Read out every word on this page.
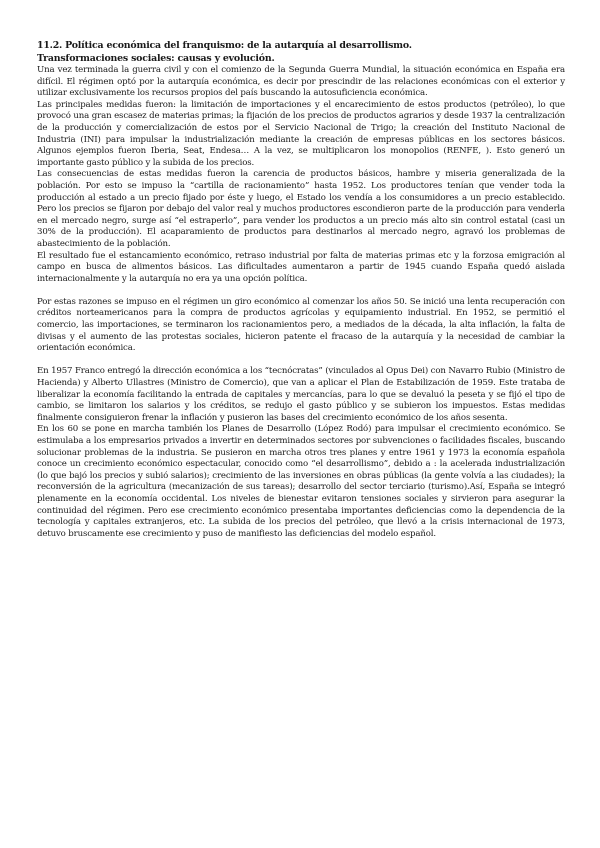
11.2. Política económica del franquismo: de la autarquía al desarrollismo.

Transformaciones sociales: causas y evolución.

Una vez terminada la guerra civil y con el comienzo de la Segunda Guerra Mundial, la situación económica en España era difícil. El régimen optó por la autarquía económica, es decir por prescindir de las relaciones económicas con el exterior y utilizar exclusivamente los recursos propios del país buscando la autosuficiencia económica.

Las principales medidas fueron: la limitación de importaciones y el encarecimiento de estos productos (petróleo), lo que provocó una gran escasez de materias primas; la fijación de los precios de productos agrarios y desde 1937 la centralización de la producción y comercialización de estos por el Servicio Nacional de Trigo; la creación del Instituto Nacional de Industria (INI) para impulsar la industrialización mediante la creación de empresas públicas en los sectores básicos. Algunos ejemplos fueron Iberia, Seat, Endesa… A la vez, se multiplicaron los monopolios (RENFE, ). Esto generó un importante gasto público y la subida de los precios.

Las consecuencias de estas medidas fueron la carencia de productos básicos, hambre y miseria generalizada de la población. Por esto se impuso la “cartilla de racionamiento” hasta 1952. Los productores tenían que vender toda la producción al estado a un precio fijado por éste y luego, el Estado los vendía a los consumidores a un precio establecido. Pero los precios se fijaron por debajo del valor real y muchos productores escondieron parte de la producción para venderla en el mercado negro, surge así “el estraperlo”, para vender los productos a un precio más alto sin control estatal (casi un 30% de la producción). El acaparamiento de productos para destinarlos al mercado negro, agravó los problemas de abastecimiento de la población.

El resultado fue el estancamiento económico, retraso industrial por falta de materias primas etc y la forzosa emigración al campo en busca de alimentos básicos. Las dificultades aumentaron a partir de 1945 cuando España quedó aislada internacionalmente y la autarquía no era ya una opción política.

Por estas razones se impuso en el régimen un giro económico al comenzar los años 50. Se inició una lenta recuperación con créditos norteamericanos para la compra de productos agrícolas y equipamiento industrial. En 1952, se permitió el comercio, las importaciones, se terminaron los racionamientos pero, a mediados de la década, la alta inflación, la falta de divisas y el aumento de las protestas sociales, hicieron patente el fracaso de la autarquía y la necesidad de cambiar la orientación económica.

En 1957 Franco entregó la dirección económica a los “tecnócratas” (vinculados al Opus Dei) con Navarro Rubio (Ministro de Hacienda) y Alberto Ullastres (Ministro de Comercio), que van a aplicar el Plan de Estabilización de 1959. Este trataba de liberalizar la economía facilitando la entrada de capitales y mercancías, para lo que se devaluó la peseta y se fijó el tipo de cambio, se limitaron los salarios y los créditos, se redujo el gasto público y se subieron los impuestos. Estas medidas finalmente consiguieron frenar la inflación y pusieron las bases del crecimiento económico de los años sesenta.

En los 60 se pone en marcha también los Planes de Desarrollo (López Rodó) para impulsar el crecimiento económico. Se estimulaba a los empresarios privados a invertir en determinados sectores por subvenciones o facilidades fiscales, buscando solucionar problemas de la industria. Se pusieron en marcha otros tres planes y entre 1961 y 1973 la economía española conoce un crecimiento económico espectacular, conocido como “el desarrollismo”, debido a : la acelerada industrialización (lo que bajó los precios y subió salarios); crecimiento de las inversiones en obras públicas (la gente volvía a las ciudades); la reconversión de la agricultura (mecanización de sus tareas); desarrollo del sector terciario (turismo).Así, España se integró plenamente en la economía occidental. Los niveles de bienestar evitaron tensiones sociales y sirvieron para asegurar la continuidad del régimen. Pero ese crecimiento económico presentaba importantes deficiencias como la dependencia de la tecnología y capitales extranjeros, etc. La subida de los precios del petróleo, que llevó a la crisis internacional de 1973, detuvo bruscamente ese crecimiento y puso de manifiesto las deficiencias del modelo español.
